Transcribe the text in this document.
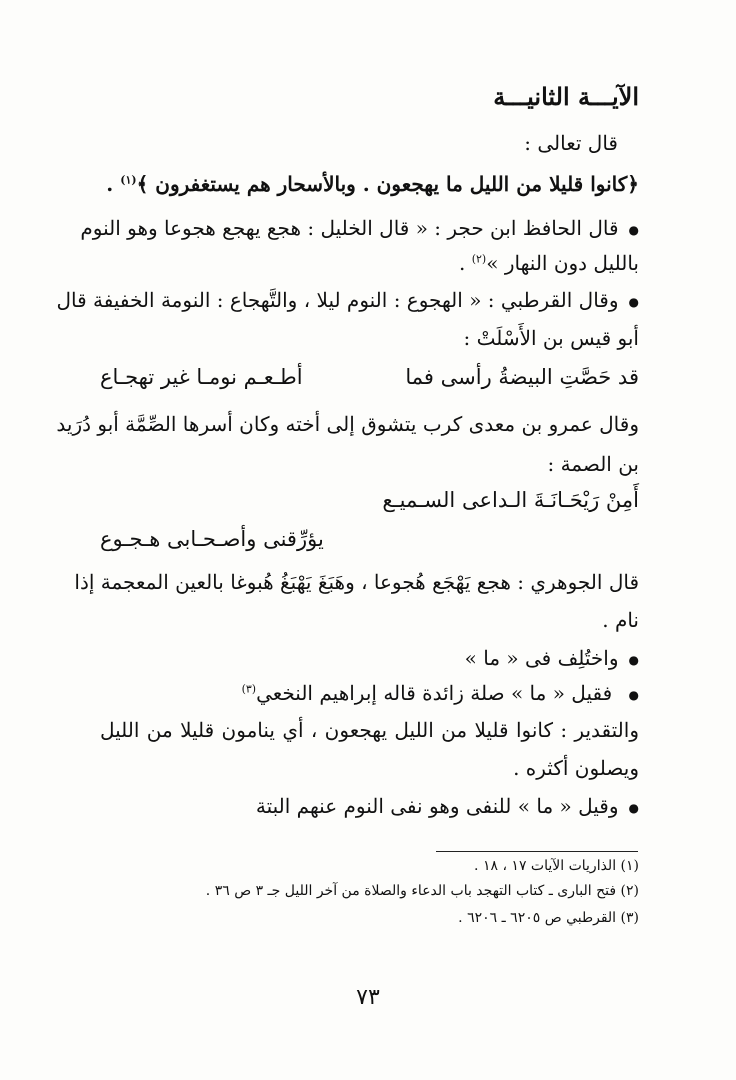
الآيـــة الثانيـــة
قال تعالى :
﴿كانوا قليلا من الليل ما يهجعون . وبالأسحار هم يستغفرون ﴾$^{(١)}$ .
● قال الحافظ ابن حجر : « قال الخليل : هجع يهجع هجوعا وهو النوم
بالليل دون النهار »$^{(٢)}$ .
● وقال القرطبي : « الهجوع : النوم ليلا ، والتَّهجاع : النومة الخفيفة قال
أبو قيس بن الأَسْلَتْ :
قد حَصَّتِ البيضةُ رأسى فما
أطـعـم نومـا غير تهجـاع
وقال عمرو بن معدى كرب يتشوق إلى أخته وكان أسرها الصِّمَّة أبو دُرَيد
بن الصمة :
أَمِنْ رَيْحَـانَـةَ الـداعى السـميـع
يؤرِّقنى وأصـحـابى هـجـوع
قال الجوهري : هجع يَهْجَع هُجوعا ، وهَبَغَ يَهْبَغُ هُبوغا بالعين المعجمة إذا
نام .
● واختُلِف فى « ما »
● فقيل « ما » صلة زائدة قاله إبراهيم النخعي$^{(٣)}$
والتقدير : كانوا قليلا من الليل يهجعون ، أي ينامون قليلا من الليل
ويصلون أكثره .
● وقيل « ما » للنفى وهو نفى النوم عنهم البتة
(١) الذاريات الآيات ١٧ ، ١٨ .
(٢) فتح البارى ـ كتاب التهجد باب الدعاء والصلاة من آخر الليل جـ ٣ ص ٣٦ .
(٣) القرطبي ص ٦٢٠٥ ـ ٦٢٠٦ .
٧٣
